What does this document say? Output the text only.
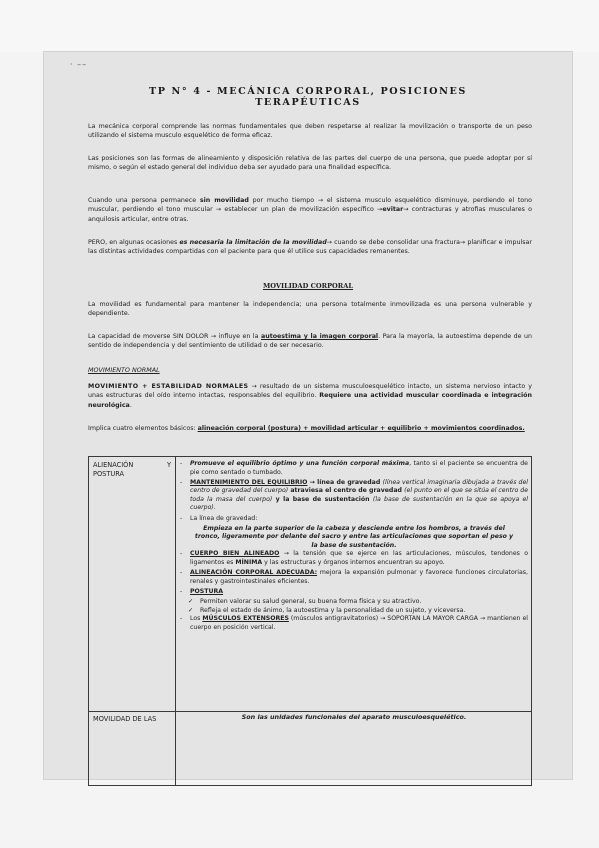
· ––
TP N° 4 - MECÁNICA CORPORAL, POSICIONES
TERAPÉUTICAS
La mecánica corporal comprende las normas fundamentales que deben respetarse al realizar la movilización o transporte de un peso utilizando el sistema musculo esquelético de forma eficaz.
Las posiciones son las formas de alineamiento y disposición relativa de las partes del cuerpo de una persona, que puede adoptar por sí mismo, o según el estado general del individuo deba ser ayudado para una finalidad específica.
Cuando una persona permanece sin movilidad por mucho tiempo → el sistema musculo esquelético disminuye, perdiendo el tono muscular, perdiendo el tono muscular → establecer un plan de movilización específico →evitar→ contracturas y atrofias musculares o anquilosis articular, entre otras.
PERO, en algunas ocasiones es necesaria la limitación de la movilidad→ cuando se debe consolidar una fractura→ planificar e impulsar las distintas actividades compartidas con el paciente para que él utilice sus capacidades remanentes.
MOVILIDAD CORPORAL
La movilidad es fundamental para mantener la independencia; una persona totalmente inmovilizada es una persona vulnerable y dependiente.
La capacidad de moverse SIN DOLOR → influye en la autoestima y la imagen corporal. Para la mayoría, la autoestima depende de un sentido de independencia y del sentimiento de utilidad o de ser necesario.
MOVIMIENTO NORMAL
MOVIMIENTO + ESTABILIDAD NORMALES → resultado de un sistema musculoesquelético intacto, un sistema nervioso intacto y unas estructuras del oído interno intactas, responsables del equilibrio. Requiere una actividad muscular coordinada e integración neurológica.
Implica cuatro elementos básicos: alineación corporal (postura) + movilidad articular + equilibrio + movimientos coordinados.
ALIENACIÓN Y POSTURA
MOVILIDAD DE LAS
- Promueve el equilibrio óptimo y una función corporal máxima, tanto si el paciente se encuentra de pie como sentado o tumbado.
- MANTENIMIENTO DEL EQUILIBRIO → línea de gravedad (línea vertical imaginaria dibujada a través del centro de gravedad del cuerpo) atraviesa el centro de gravedad (el punto en el que se sitúa el centro de toda la masa del cuerpo) y la base de sustentación (la base de sustentación en la que se apoya el cuerpo).
- La línea de gravedad:
Empieza en la parte superior de la cabeza y desciende entre los hombros, a través del tronco, ligeramente por delante del sacro y entre las articulaciones que soportan el peso y la base de sustentación.
- CUERPO BIEN ALINEADO → la tensión que se ejerce en las articulaciones, músculos, tendones o ligamentos es MÍNIMA y las estructuras y órganos internos encuentran su apoyo.
- ALINEACIÓN CORPORAL ADECUADA: mejora la expansión pulmonar y favorece funciones circulatorias, renales y gastrointestinales eficientes.
- POSTURA
✓ Permiten valorar su salud general, su buena forma física y su atractivo.
✓ Refleja el estado de ánimo, la autoestima y la personalidad de un sujeto, y viceversa.
- Los MÚSCULOS EXTENSORES (músculos antigravitatorios) → SOPORTAN LA MAYOR CARGA → mantienen el cuerpo en posición vertical.
Son las unidades funcionales del aparato musculoesquelético.
